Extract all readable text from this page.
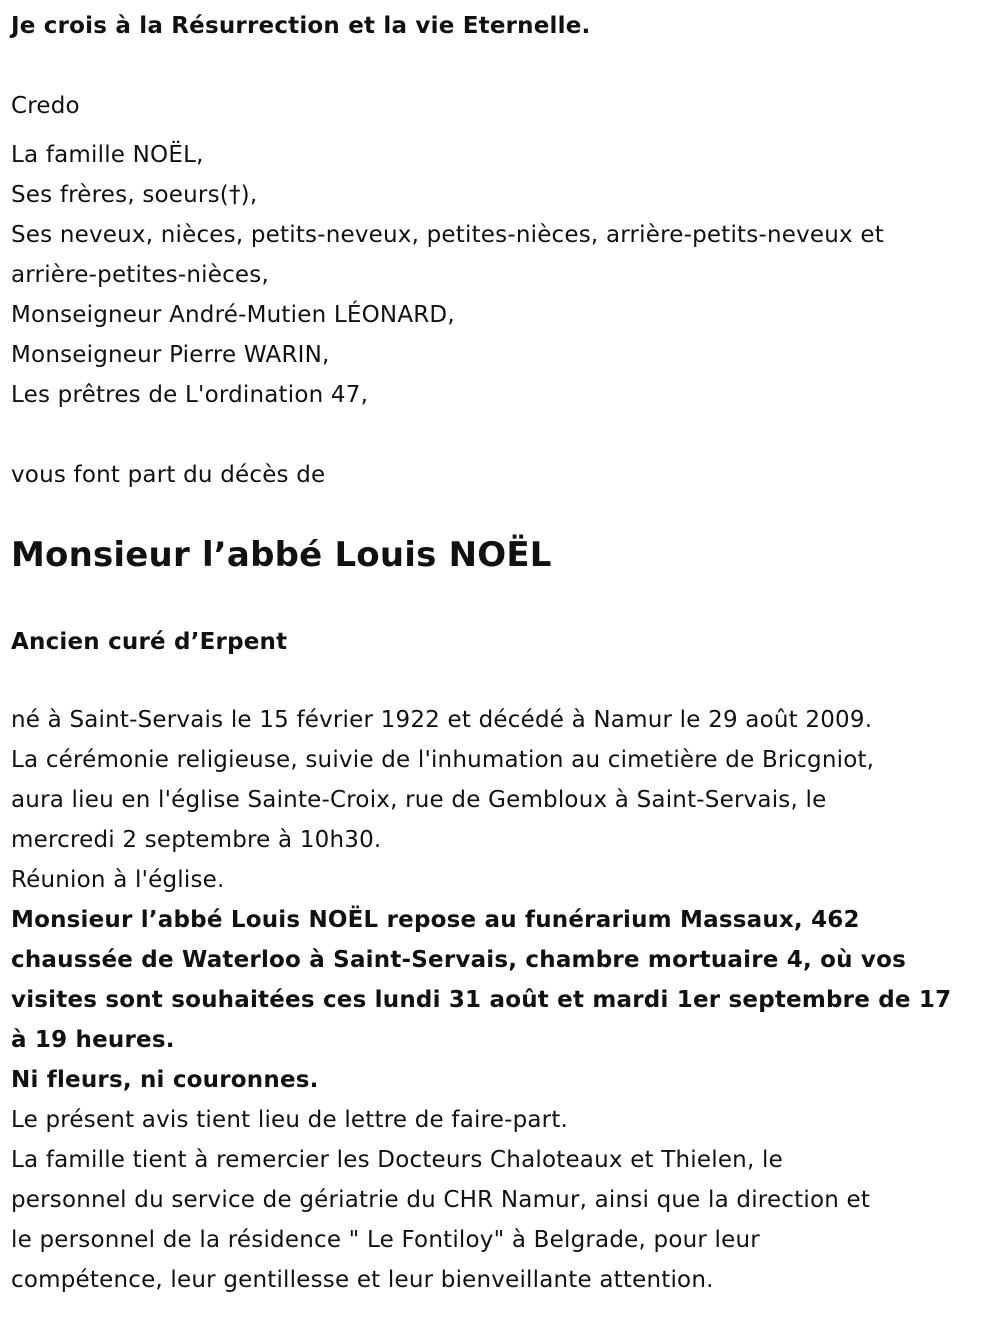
Je crois à la Résurrection et la vie Eternelle.
Credo
La famille NOËL,
Ses frères, soeurs(†),
Ses neveux, nièces, petits-neveux, petites-nièces, arrière-petits-neveux et
arrière-petites-nièces,
Monseigneur André-Mutien LÉONARD,
Monseigneur Pierre WARIN,
Les prêtres de L'ordination 47,
vous font part du décès de
Monsieur l’abbé Louis NOËL
Ancien curé d’Erpent
né à Saint-Servais le 15 février 1922 et décédé à Namur le 29 août 2009.
La cérémonie religieuse, suivie de l'inhumation au cimetière de Bricgniot,
aura lieu en l'église Sainte-Croix, rue de Gembloux à Saint-Servais, le
mercredi 2 septembre à 10h30.
Réunion à l'église.
Monsieur l’abbé Louis NOËL repose au funérarium Massaux, 462
chaussée de Waterloo à Saint-Servais, chambre mortuaire 4, où vos
visites sont souhaitées ces lundi 31 août et mardi 1er septembre de 17
à 19 heures.
Ni fleurs, ni couronnes.
Le présent avis tient lieu de lettre de faire-part.
La famille tient à remercier les Docteurs Chaloteaux et Thielen, le
personnel du service de gériatrie du CHR Namur, ainsi que la direction et
le personnel de la résidence " Le Fontiloy" à Belgrade, pour leur
compétence, leur gentillesse et leur bienveillante attention.
